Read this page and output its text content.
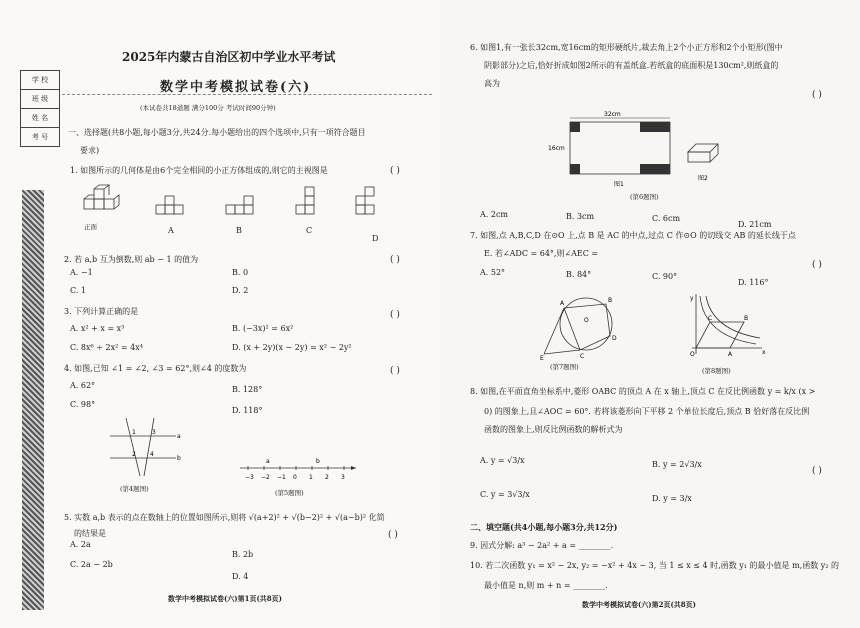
学 校
班 级
姓 名
考 号
2025年内蒙古自治区初中学业水平考试
数学中考模拟试卷(六)
(本试卷共18道题 满分100分 考试时间90分钟)
一、选择题(共8小题,每小题3分,共24分.每小题给出的四个选项中,只有一项符合题目
要求)
1. 如图所示的几何体是由6个完全相同的小正方体组成的,则它的主视图是	( )
正面	A	B	C
D
2. 若 a,b 互为倒数,则 ab − 1 的值为	( )
A. −1	B. 0
C. 1	D. 2
3. 下列计算正确的是	( )
A. x² + x = x³	B. (−3x)² = 6x²
C. 8x⁶ ÷ 2x² = 4x⁴	D. (x + 2y)(x − 2y) = x² − 2y²
4. 如图,已知 ∠1 = ∠2, ∠3 = 62°,则∠4 的度数为	( )
A. 62°	B. 128°
C. 98°
D. 118°
1
2
3
4
a
b
(第4题图)
a	b
−3 −2 −1 0 1 2 3
(第5题图)
5. 实数 a,b 表示的点在数轴上的位置如图所示,则将 √(a+2)² + √(b−2)² + √(a−b)² 化简
的结果是	( )
A. 2a
B. 2b
C. 2a − 2b
D. 4
数学中考模拟试卷(六)第1页(共8页)
6. 如图1,有一张长32cm,宽16cm的矩形硬纸片,裁去角上2个小正方形和2个小矩形(图中
阴影部分)之后,恰好折成如图2所示的有盖纸盒.若纸盒的底面积是130cm²,则纸盒的
高为
( )
32cm
16cm
图1
图2
(第6题图)
A. 2cm	B. 3cm	C. 6cm
D. 21cm
7. 如图,点 A,B,C,D 在⊙O 上,点 B 是 AC 的中点,过点 C 作⊙O 的切线交 AB 的延长线于点
E. 若∠ADC = 64°,则∠AEC =
( )
A. 52°	B. 84°	C. 90°
D. 116°
A	B
C
D
E
O
(第7题图)
y
C	B
O	A	x
(第8题图)
8. 如图,在平面直角坐标系中,菱形 OABC 的顶点 A 在 x 轴上,顶点 C 在反比例函数 y = k/x (x >
0) 的图象上,且∠AOC = 60°. 若将该菱形向下平移 2 个单位长度后,顶点 B 恰好落在反比例
函数的图象上,则反比例函数的解析式为
( )
A. y = √3/x	B. y = 2√3/x
C. y = 3√3/x	D. y = 3/x
二、填空题(共4小题,每小题3分,共12分)
9. 因式分解: a³ − 2a² + a = ________.
10. 若二次函数 y₁ = x² − 2x, y₂ = −x² + 4x − 3, 当 1 ≤ x ≤ 4 时,函数 y₁ 的最小值是 m,函数 y₂ 的
最小值是 n,则 m + n = ________.
数学中考模拟试卷(六)第2页(共8页)
